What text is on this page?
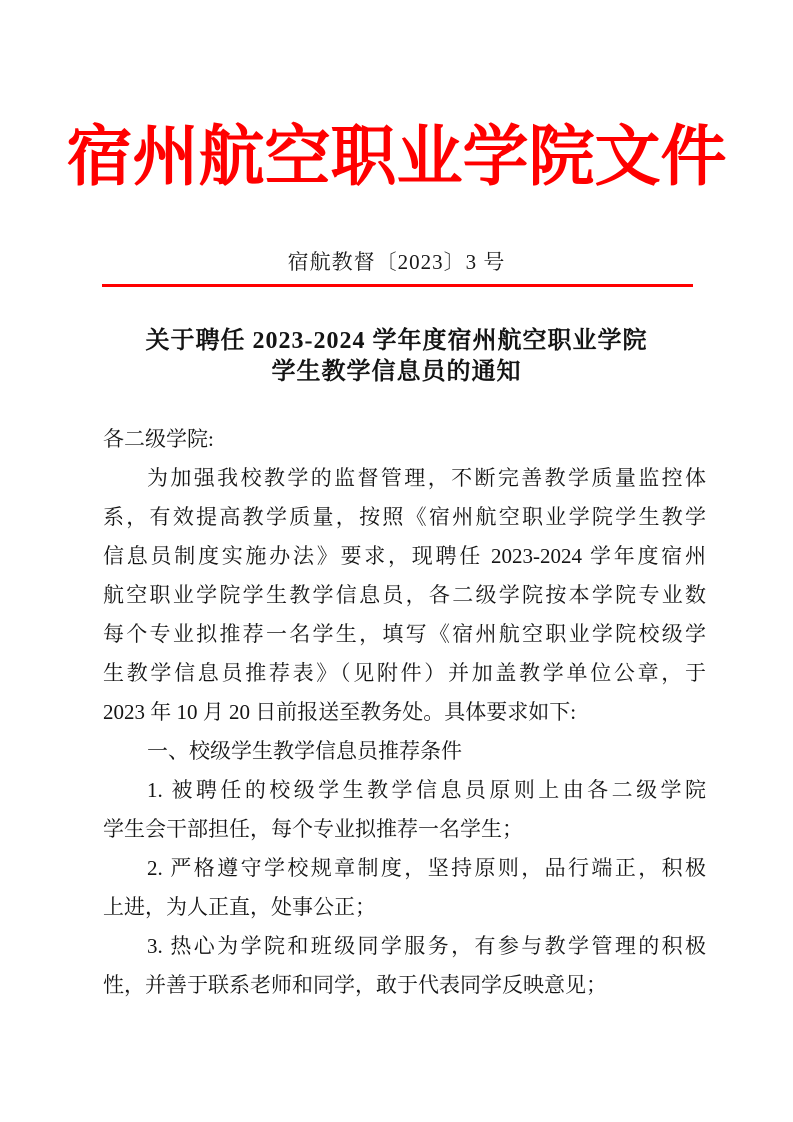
宿州航空职业学院文件
宿航教督〔2023〕3 号
关于聘任 2023-2024 学年度宿州航空职业学院
学生教学信息员的通知
各二级学院:
为加强我校教学的监督管理，不断完善教学质量监控体
系，有效提高教学质量，按照《宿州航空职业学院学生教学
信息员制度实施办法》要求，现聘任 2023-2024 学年度宿州
航空职业学院学生教学信息员，各二级学院按本学院专业数
每个专业拟推荐一名学生，填写《宿州航空职业学院校级学
生教学信息员推荐表》（见附件）并加盖教学单位公章，于
2023 年 10 月 20 日前报送至教务处。具体要求如下:
一、校级学生教学信息员推荐条件
1. 被聘任的校级学生教学信息员原则上由各二级学院
学生会干部担任，每个专业拟推荐一名学生；
2. 严格遵守学校规章制度，坚持原则，品行端正，积极
上进，为人正直，处事公正；
3. 热心为学院和班级同学服务，有参与教学管理的积极
性，并善于联系老师和同学，敢于代表同学反映意见；
